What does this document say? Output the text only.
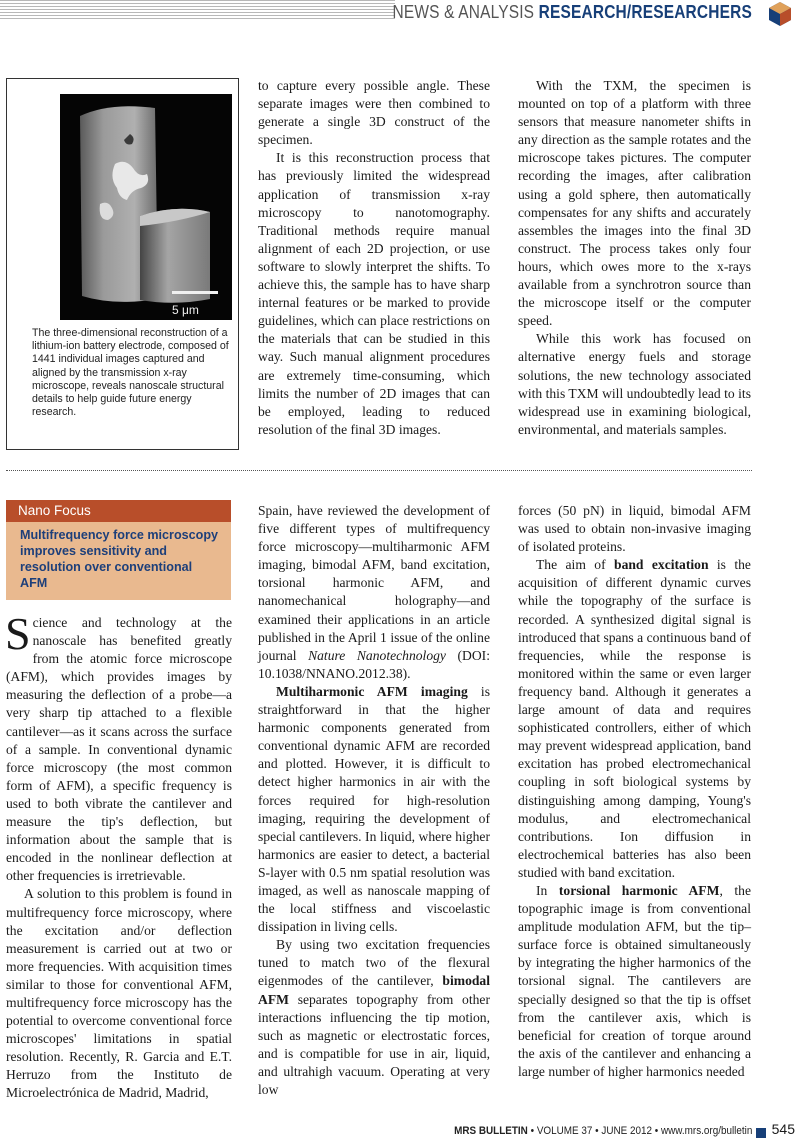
NEWS & ANALYSIS RESEARCH/RESEARCHERS
5 μm
The three-dimensional reconstruction of a lithium-ion battery electrode, composed of 1441 individual images captured and aligned by the transmission x-ray microscope, reveals nanoscale structural details to help guide future energy research.

to capture every possible angle. These separate images were then combined to generate a single 3D construct of the specimen.

It is this reconstruction process that has previously limited the widespread application of transmission x-ray microscopy to nanotomography. Traditional methods require manual alignment of each 2D projection, or use software to slowly interpret the shifts. To achieve this, the sample has to have sharp internal features or be marked to provide guidelines, which can place restrictions on the materials that can be studied in this way. Such manual alignment procedures are extremely time-consuming, which limits the number of 2D images that can be employed, leading to reduced resolution of the final 3D images.

With the TXM, the specimen is mounted on top of a platform with three sensors that measure nanometer shifts in any direction as the sample rotates and the microscope takes pictures. The computer recording the images, after calibration using a gold sphere, then automatically compensates for any shifts and accurately assembles the images into the final 3D construct. The process takes only four hours, which owes more to the x-rays available from a synchrotron source than the microscope itself or the computer speed.

While this work has focused on alternative energy fuels and storage solutions, the new technology associated with this TXM will undoubtedly lead to its widespread use in examining biological, environmental, and materials samples.

Nano Focus
Multifrequency force microscopy improves sensitivity and resolution over conventional AFM

Science and technology at the nanoscale has benefited greatly from the atomic force microscope (AFM), which provides images by measuring the deflection of a probe—a very sharp tip attached to a flexible cantilever—as it scans across the surface of a sample. In conventional dynamic force microscopy (the most common form of AFM), a specific frequency is used to both vibrate the cantilever and measure the tip's deflection, but information about the sample that is encoded in the nonlinear deflection at other frequencies is irretrievable.

A solution to this problem is found in multifrequency force microscopy, where the excitation and/or deflection measurement is carried out at two or more frequencies. With acquisition times similar to those for conventional AFM, multifrequency force microscopy has the potential to overcome conventional force microscopes' limitations in spatial resolution. Recently, R. Garcia and E.T. Herruzo from the Instituto de Microelectrónica de Madrid, Madrid,

Spain, have reviewed the development of five different types of multifrequency force microscopy—multiharmonic AFM imaging, bimodal AFM, band excitation, torsional harmonic AFM, and nanomechanical holography—and examined their applications in an article published in the April 1 issue of the online journal Nature Nanotechnology (DOI: 10.1038/NNANO.2012.38).

Multiharmonic AFM imaging is straightforward in that the higher harmonic components generated from conventional dynamic AFM are recorded and plotted. However, it is difficult to detect higher harmonics in air with the forces required for high-resolution imaging, requiring the development of special cantilevers. In liquid, where higher harmonics are easier to detect, a bacterial S-layer with 0.5 nm spatial resolution was imaged, as well as nanoscale mapping of the local stiffness and viscoelastic dissipation in living cells.

By using two excitation frequencies tuned to match two of the flexural eigenmodes of the cantilever, bimodal AFM separates topography from other interactions influencing the tip motion, such as magnetic or electrostatic forces, and is compatible for use in air, liquid, and ultrahigh vacuum. Operating at very low

forces (50 pN) in liquid, bimodal AFM was used to obtain non-invasive imaging of isolated proteins.

The aim of band excitation is the acquisition of different dynamic curves while the topography of the surface is recorded. A synthesized digital signal is introduced that spans a continuous band of frequencies, while the response is monitored within the same or even larger frequency band. Although it generates a large amount of data and requires sophisticated controllers, either of which may prevent widespread application, band excitation has probed electromechanical coupling in soft biological systems by distinguishing among damping, Young's modulus, and electromechanical contributions. Ion diffusion in electrochemical batteries has also been studied with band excitation.

In torsional harmonic AFM, the topographic image is from conventional amplitude modulation AFM, but the tip–surface force is obtained simultaneously by integrating the higher harmonics of the torsional signal. The cantilevers are specially designed so that the tip is offset from the cantilever axis, which is beneficial for creation of torque around the axis of the cantilever and enhancing a large number of higher harmonics needed

MRS BULLETIN • VOLUME 37 • JUNE 2012 • www.mrs.org/bulletin 545
